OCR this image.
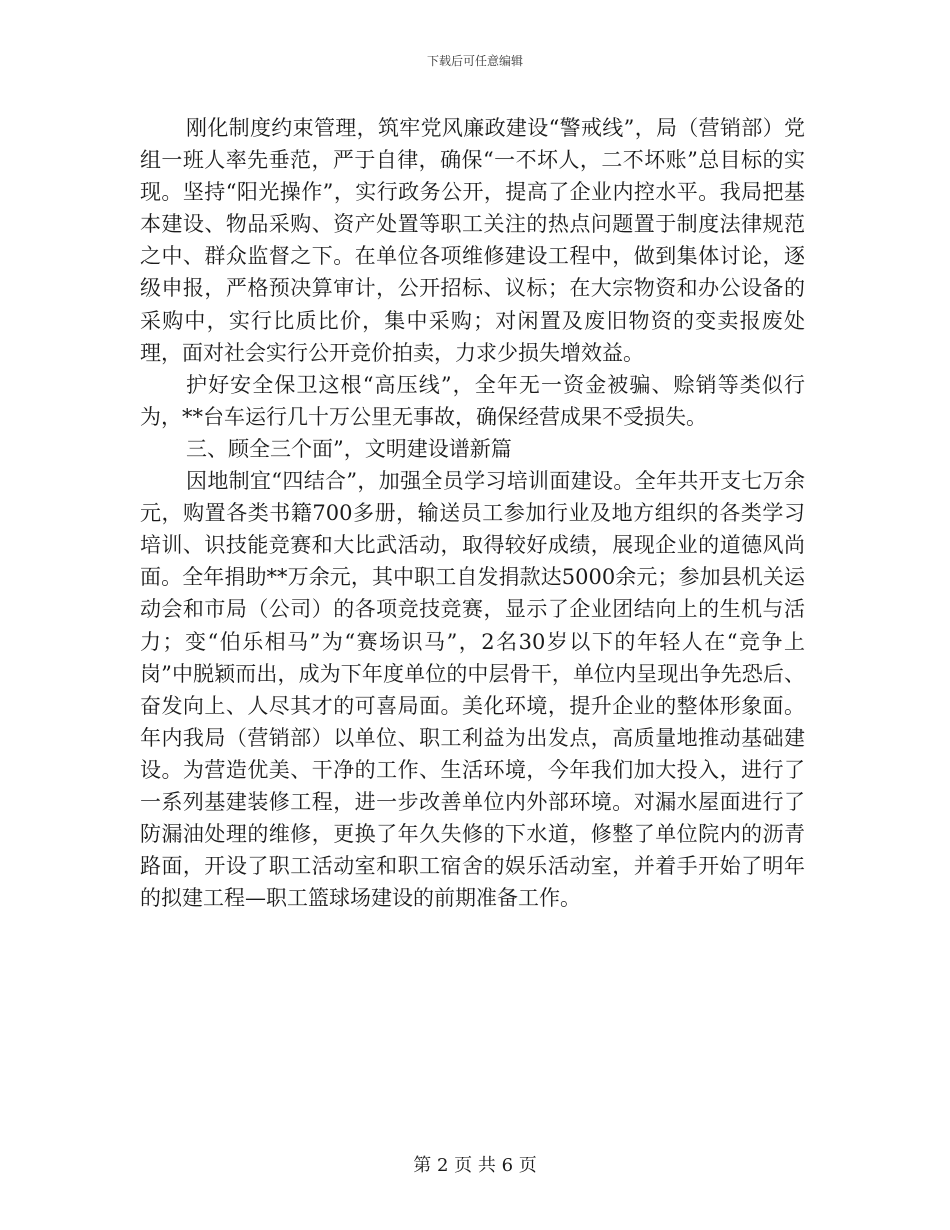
下载后可任意编辑

刚化制度约束管理，筑牢党风廉政建设“警戒线”，局（营销部）党组一班人率先垂范，严于自律，确保“一不坏人，二不坏账”总目标的实现。坚持“阳光操作”，实行政务公开，提高了企业内控水平。我局把基本建设、物品采购、资产处置等职工关注的热点问题置于制度法律规范之中、群众监督之下。在单位各项维修建设工程中，做到集体讨论，逐级申报，严格预决算审计，公开招标、议标；在大宗物资和办公设备的采购中，实行比质比价，集中采购；对闲置及废旧物资的变卖报废处理，面对社会实行公开竞价拍卖，力求少损失增效益。

护好安全保卫这根“高压线”，全年无一资金被骗、赊销等类似行为，**台车运行几十万公里无事故，确保经营成果不受损失。

三、顾全三个面”，文明建设谱新篇

因地制宜“四结合”，加强全员学习培训面建设。全年共开支七万余元，购置各类书籍700多册，输送员工参加行业及地方组织的各类学习培训、识技能竞赛和大比武活动，取得较好成绩，展现企业的道德风尚面。全年捐助**万余元，其中职工自发捐款达5000余元；参加县机关运动会和市局（公司）的各项竞技竞赛，显示了企业团结向上的生机与活力；变“伯乐相马”为“赛场识马”，2名30岁以下的年轻人在“竞争上岗”中脱颖而出，成为下年度单位的中层骨干，单位内呈现出争先恐后、奋发向上、人尽其才的可喜局面。美化环境，提升企业的整体形象面。年内我局（营销部）以单位、职工利益为出发点，高质量地推动基础建设。为营造优美、干净的工作、生活环境，今年我们加大投入，进行了一系列基建装修工程，进一步改善单位内外部环境。对漏水屋面进行了防漏油处理的维修，更换了年久失修的下水道，修整了单位院内的沥青路面，开设了职工活动室和职工宿舍的娱乐活动室，并着手开始了明年的拟建工程—职工篮球场建设的前期准备工作。

第 2 页 共 6 页
